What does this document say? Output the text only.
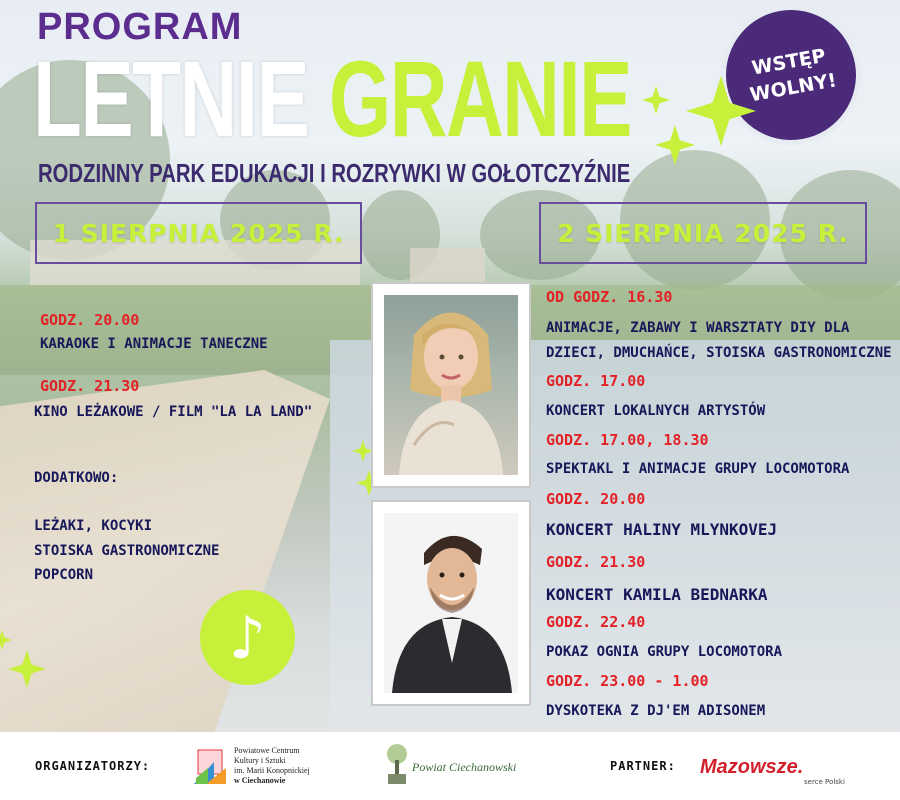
PROGRAM
LETNIE GRANIE
RODZINNY PARK EDUKACJI I ROZRYWKI W GOŁOTCZYŹNIE
WSTĘP
WOLNY!
1 SIERPNIA 2025 R.	2 SIERPNIA 2025 R.
GODZ. 20.00
KARAOKE I ANIMACJE TANECZNE
GODZ. 21.30
KINO LEŻAKOWE / FILM "LA LA LAND"
DODATKOWO:
LEŻAKI, KOCYKI
STOISKA GASTRONOMICZNE
POPCORN
OD GODZ. 16.30
ANIMACJE, ZABAWY I WARSZTATY DIY DLA
DZIECI, DMUCHAŃCE, STOISKA GASTRONOMICZNE
GODZ. 17.00
KONCERT LOKALNYCH ARTYSTÓW
GODZ. 17.00, 18.30
SPEKTAKL I ANIMACJE GRUPY LOCOMOTORA
GODZ. 20.00
KONCERT HALINY MLYNKOVEJ
GODZ. 21.30
KONCERT KAMILA BEDNARKA
GODZ. 22.40
POKAZ OGNIA GRUPY LOCOMOTORA
GODZ. 23.00 - 1.00
DYSKOTEKA Z DJ'EM ADISONEM
♪
ORGANIZATORZY:	PARTNER:
Powiatowe Centrum
Kultury i Sztuki
im. Marii Konopnickiej
w Ciechanowie
Powiat Ciechanowski	Mazowsze.
serce Polski
